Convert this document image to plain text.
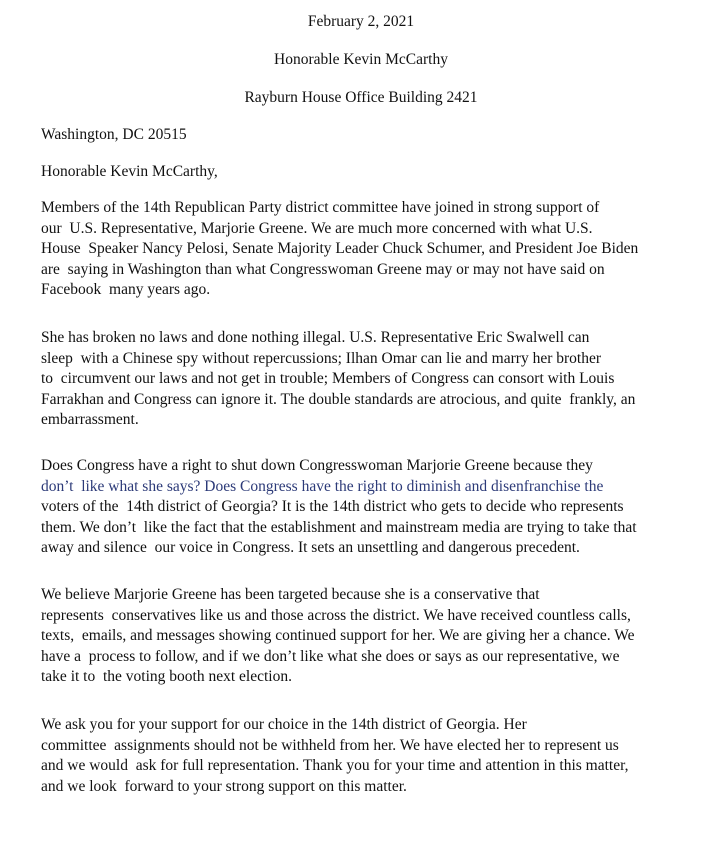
February 2, 2021
Honorable Kevin McCarthy
Rayburn House Office Building 2421
Washington, DC 20515
Honorable Kevin McCarthy,
Members of the 14th Republican Party district committee have joined in strong support of
our  U.S. Representative, Marjorie Greene. We are much more concerned with what U.S.
House  Speaker Nancy Pelosi, Senate Majority Leader Chuck Schumer, and President Joe Biden
are  saying in Washington than what Congresswoman Greene may or may not have said on
Facebook  many years ago.
She has broken no laws and done nothing illegal. U.S. Representative Eric Swalwell can
sleep  with a Chinese spy without repercussions; Ilhan Omar can lie and marry her brother
to  circumvent our laws and not get in trouble; Members of Congress can consort with Louis
Farrakhan and Congress can ignore it. The double standards are atrocious, and quite  frankly, an
embarrassment.
Does Congress have a right to shut down Congresswoman Marjorie Greene because they
don’t  like what she says? Does Congress have the right to diminish and disenfranchise the
voters of the  14th district of Georgia? It is the 14th district who gets to decide who represents
them. We don’t  like the fact that the establishment and mainstream media are trying to take that
away and silence  our voice in Congress. It sets an unsettling and dangerous precedent.
We believe Marjorie Greene has been targeted because she is a conservative that
represents  conservatives like us and those across the district. We have received countless calls,
texts,  emails, and messages showing continued support for her. We are giving her a chance. We
have a  process to follow, and if we don’t like what she does or says as our representative, we
take it to  the voting booth next election.
We ask you for your support for our choice in the 14th district of Georgia. Her
committee  assignments should not be withheld from her. We have elected her to represent us
and we would  ask for full representation. Thank you for your time and attention in this matter,
and we look  forward to your strong support on this matter.
